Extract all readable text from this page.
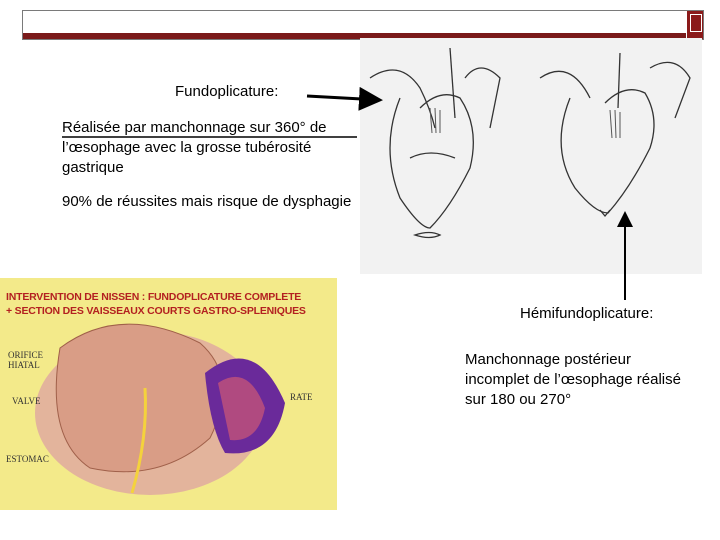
Fundoplicature:

Réalisée par manchonnage sur 360° de l’œsophage avec la grosse tubérosité gastrique

90% de réussites mais risque de dysphagie

Hémifundoplicature:

Manchonnage postérieur incomplet de l’œsophage réalisé sur 180 ou 270°

INTERVENTION DE NISSEN : FUNDOPLICATURE COMPLETE
+ SECTION DES VAISSEAUX COURTS GASTRO-SPLENIQUES
ORIFICE
HIATAL
VALVE
ESTOMAC
RATE
